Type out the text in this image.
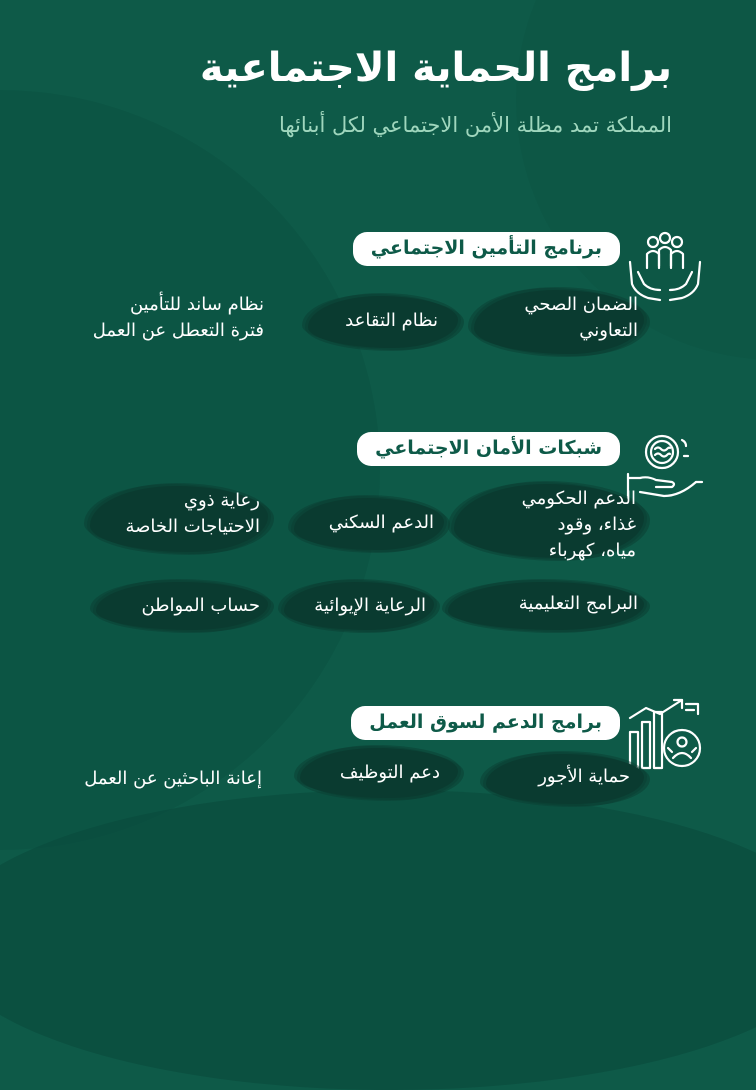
برامج الحماية الاجتماعية

المملكة تمد مظلة الأمن الاجتماعي لكل أبنائها

برنامج التأمين الاجتماعي

الضمان الصحي
التعاوني

نظام التقاعد

نظام ساند للتأمين
فترة التعطل عن العمل

شبكات الأمان الاجتماعي

الدعم الحكومي
غذاء، وقود
مياه، كهرباء

الدعم السكني

رعاية ذوي
الاحتياجات الخاصة

البرامج التعليمية

الرعاية الإيوائية

حساب المواطن

برامج الدعم لسوق العمل

حماية الأجور

دعم التوظيف

إعانة الباحثين عن العمل
